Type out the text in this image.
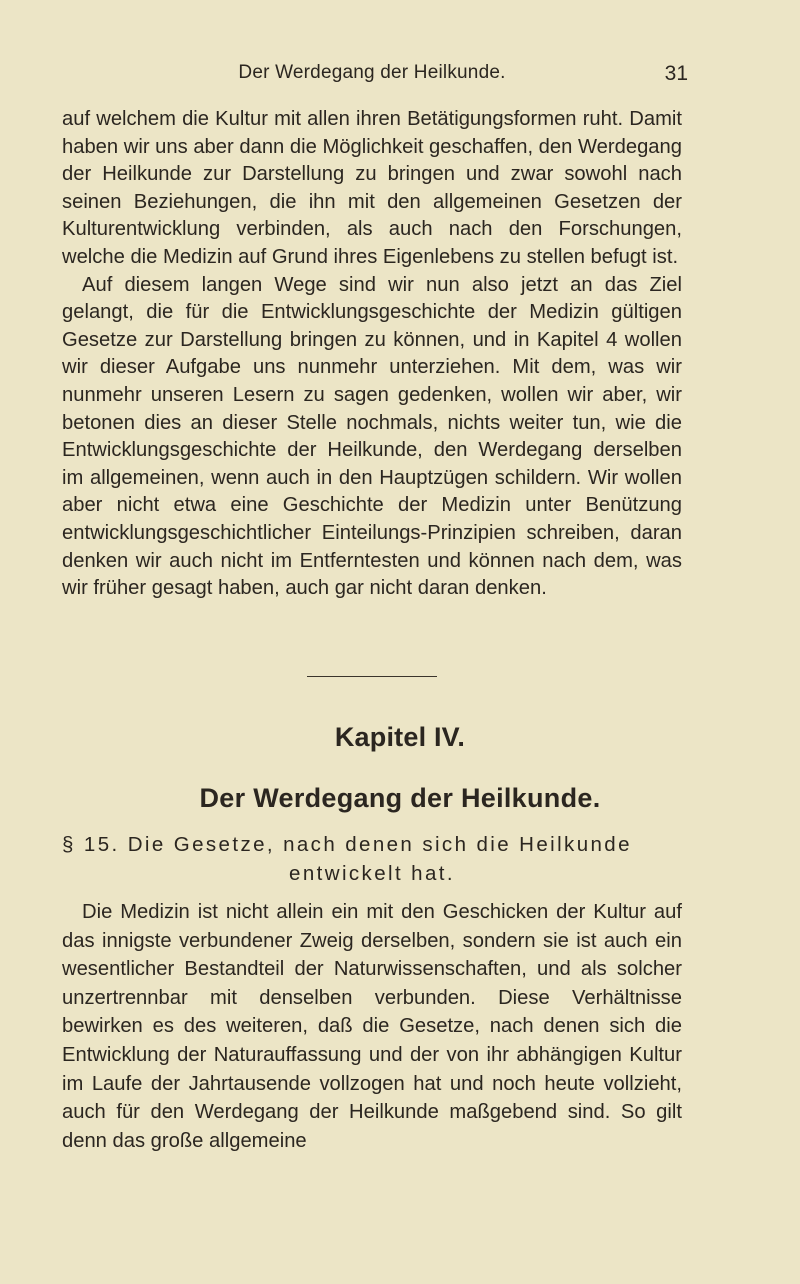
Der Werdegang der Heilkunde.	31

auf welchem die Kultur mit allen ihren Betätigungsformen ruht. Damit haben wir uns aber dann die Möglichkeit geschaffen, den Werdegang der Heilkunde zur Darstellung zu bringen und zwar sowohl nach seinen Beziehungen, die ihn mit den allgemeinen Gesetzen der Kulturentwicklung verbinden, als auch nach den Forschungen, welche die Medizin auf Grund ihres Eigenlebens zu stellen befugt ist.

Auf diesem langen Wege sind wir nun also jetzt an das Ziel gelangt, die für die Entwicklungsgeschichte der Medizin gültigen Gesetze zur Darstellung bringen zu können, und in Kapitel 4 wollen wir dieser Aufgabe uns nunmehr unterziehen. Mit dem, was wir nunmehr unseren Lesern zu sagen gedenken, wollen wir aber, wir betonen dies an dieser Stelle nochmals, nichts weiter tun, wie die Entwicklungsgeschichte der Heilkunde, den Werdegang derselben im allgemeinen, wenn auch in den Hauptzügen schildern. Wir wollen aber nicht etwa eine Geschichte der Medizin unter Benützung entwicklungsgeschichtlicher Einteilungs-Prinzipien schreiben, daran denken wir auch nicht im Entferntesten und können nach dem, was wir früher gesagt haben, auch gar nicht daran denken.

Kapitel IV.
Der Werdegang der Heilkunde.
§ 15. Die Gesetze, nach denen sich die Heilkunde
entwickelt hat.

Die Medizin ist nicht allein ein mit den Geschicken der Kultur auf das innigste verbundener Zweig derselben, sondern sie ist auch ein wesentlicher Bestandteil der Naturwissenschaften, und als solcher unzertrennbar mit denselben verbunden. Diese Verhältnisse bewirken es des weiteren, daß die Gesetze, nach denen sich die Entwicklung der Naturauffassung und der von ihr abhängigen Kultur im Laufe der Jahrtausende vollzogen hat und noch heute vollzieht, auch für den Werdegang der Heilkunde maßgebend sind. So gilt denn das große allgemeine
